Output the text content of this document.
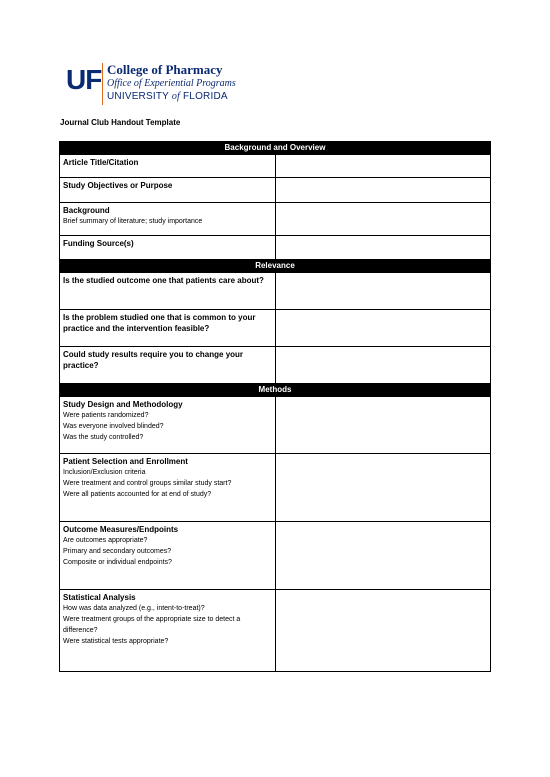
UF College of Pharmacy
Office of Experiential Programs
UNIVERSITY of FLORIDA
Journal Club Handout Template
Background and Overview	

Article Title/Citation	

Study Objectives or Purpose	

Background
Brief summary of literature; study importance	

Funding Source(s)	

Relevance	

Is the studied outcome one that patients care about?	

Is the problem studied one that is common to your practice and the intervention feasible?	

Could study results require you to change your practice?	

Methods	

Study Design and Methodology
Were patients randomized?
Was everyone involved blinded?
Was the study controlled?	

Patient Selection and Enrollment
Inclusion/Exclusion criteria
Were treatment and control groups similar study start?
Were all patients accounted for at end of study?	

Outcome Measures/Endpoints
Are outcomes appropriate?
Primary and secondary outcomes?
Composite or individual endpoints?	

Statistical Analysis
How was data analyzed (e.g., intent-to-treat)?
Were treatment groups of the appropriate size to detect a difference?
Were statistical tests appropriate?	
